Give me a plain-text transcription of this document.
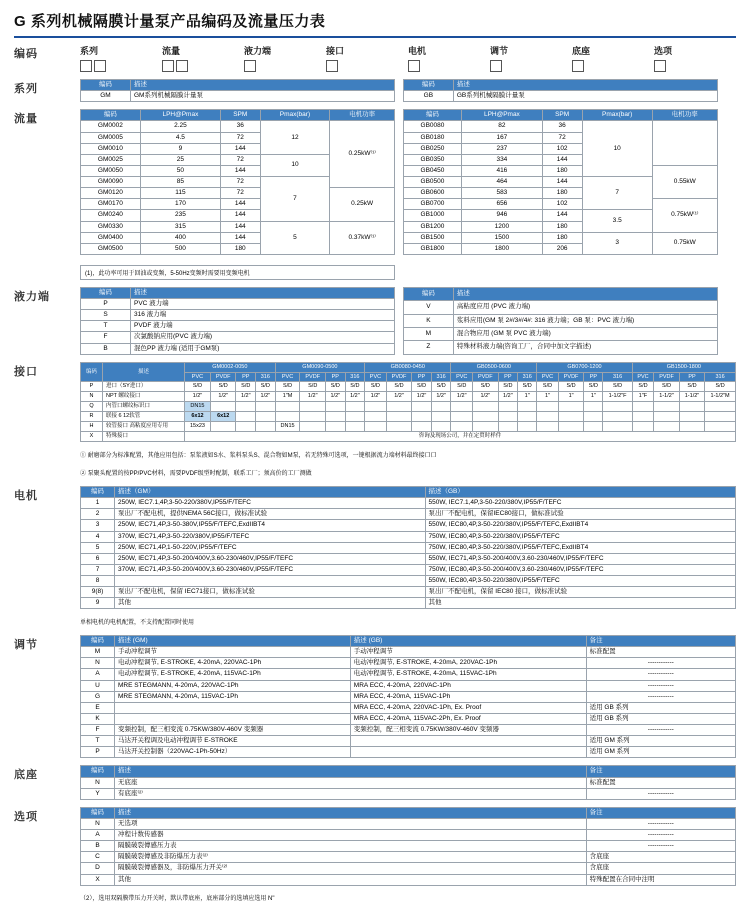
G 系列机械隔膜计量泵产品编码及流量压力表
编码	系列	流量	液力端	接口	电机	调节	底座	选项
系列	编码	描述
GM	GM系列机械隔膜计量泵
编码	描述
GB	GB系列机械隔膜计量泵
流量	编码	LPH@Pmax	SPM	Pmax(bar)	电机功率
GM0002	2.25	36	12	0.25kW⁽¹⁾
GM0005	4.5	72		
GM0010	9	144		
GM0025	25	72	10	
GM0050	50	144		
GM0090	85	72	7	
GM0120	115	72		0.25kW
GM0170	170	144		
GM0240	235	144		
GM0330	315	144	5	0.37kW⁽¹⁾
GM0400	400	144		
GM0500	500	180		
编码	LPH@Pmax	SPM	Pmax(bar)	电机功率
GB0080	82	36	10	
GB0180	167	72		
GB0250	237	102		
GB0350	334	144		
GB0450	416	180		0.55kW
GB0500	464	144	7	
GB0600	583	180		
GB0700	656	102		0.75kW⁽¹⁾
GB1000	946	144	3.5	
GB1200	1200	180		
GB1500	1500	180	3	0.75kW
GB1800	1800	206		
(1)，此功率可用于回油或变频，5-50Hz变频时需要用变频电机
液力端	编码	描述
P	PVC 液力端
S	316 液力端
T	PVDF 液力端
F	次氯酸钠应用(PVC 液力端)
B	混色PP 液力端 (适用于GM泵)
编码	描述
V	高粘度应用 (PVC 液力端)
K	浆料应用(GM 泵 2#/3#/4#: 316 液力端；GB 泵：PVC 液力端)
M	混合物应用 (GM 泵 PVC 液力端)
Z	特殊材料液力端(咨询工厂，合同中加文字描述)
接口	编码	描述	GM0002-0050				GM0090-0500				GB0080-0450				GB0500-0600				GB0700-1200				GB1500-1800			
		PVC	PVDF	PP	316	PVC	PVDF	PP	316	PVC	PVDF	PP	316	PVC	PVDF	PP	316	PVC	PVDF	PP	316	PVC	PVDF	PP	316
P	进口（SY进口）	S/D	S/D	S/D	S/D	S/D	S/D	S/D	S/D	S/D	S/D	S/D	S/D	S/D	S/D	S/D	S/D	S/D	S/D	S/D	S/D	S/D	S/D	S/D	S/D
N	NPT 螺纹接口	1/2"	1/2"	1/2"	1/2"	1"M	1/2"	1/2"	1/2"	1/2"	1/2"	1/2"	1/2"	1/2"	1/2"	1/2"	1"	1"	1"	1"	1-1/2"F	1"F	1-1/2"	1-1/2"	1-1/2"M
Q	内管口螺纹标识口	DN15																							
R	联接 6 12软管	6x12	6x12																						
H	较管接口 高粘度应用专用	15x23				DN15																			
X	特殊接口	咨询及现场公司，并在定贸时样件																							
① 耐磨部分为标准配置，其他应用包括：泵浆液如S水、浆料泵头S、混合物如M泵，若无特殊可选项，一键根据流力端材料最终接口口
② 泵聚头配置的按PP/PVC材料，需要PVDF级型时配制，联系工厂；须高价的工厂测做
电机	编码	描述（GM）	描述（GB）
1	250W, IEC7.1,4P,3-50-220/380V,IP55/F/TEFC	550W, IEC7.1,4P,3-50-220/380V,IP55/F/TEFC
2	泵出厂不配电机，提供NEMA 56C接口，做标准试验	泵出厂不配电机，保留IEC80接口，做标准试验
3	250W, IEC71,4P,3-50-380V,IP55/F/TEFC,ExdIIBT4	550W, IEC80,4P,3-50-220/380V,IP55/F/TEFC,ExdIIBT4
4	370W, IEC71,4P,3-50-220/380V,IP55/F/TEFC	750W, IEC80,4P,3-50-220/380V,IP55/F/TEFC
5	250W, IEC71,4P,1-50-220V,IP55/F/TEFC	750W, IEC80,4P,3-50-220/380V,IP55/F/TEFC,ExdIIBT4
6	250W, IEC71,4P,3-50-200/400V,3.60-230/460V,IP55/F/TEFC	550W, IEC71,4P,3-50-200/400V,3.60-230/460V,IP55/F/TEFC
7	370W, IEC71,4P,3-50-200/400V,3.60-230/460V,IP55/F/TEFC	750W, IEC80,4P,3-50-200/400V,3.60-230/460V,IP55/F/TEFC
8		550W, IEC80,4P,3-50-220/380V,IP55/F/TEFC
9(8)	泵出厂不配电机，保留 IEC71接口，做标准试验	泵出厂不配电机，保留 IEC80 接口，做标准试验
9	其他	其他
单相电机的电机配置，不支持配置同时使用
调节	编码	描述 (GM)	描述 (GB)	备注
M	手动冲程调节	手动冲程调节	标准配置
N	电动冲程调节, E-STROKE, 4-20mA, 220VAC-1Ph	电动冲程调节, E-STROKE, 4-20mA, 220VAC-1Ph	------------
A	电动冲程调节, E-STROKE, 4-20mA, 115VAC-1Ph	电动冲程调节, E-STROKE, 4-20mA, 115VAC-1Ph	------------
U	MRE STEGMANN, 4-20mA, 220VAC-1Ph	MRA ECC, 4-20mA, 220VAC-1Ph	------------
G	MRE STEGMANN, 4-20mA, 115VAC-1Ph	MRA ECC, 4-20mA, 115VAC-1Ph	------------
E		MRA ECC, 4-20mA, 220VAC-1Ph, Ex. Proof	适用 GB 系列
K		MRA ECC, 4-20mA, 115VAC-2Ph, Ex. Proof	适用 GB 系列
F	变频控制，配三相变流 0.75KW/380V-460V 变频器	变频控制，配三相变流 0.75KW/380V-460V 变频器	------------
T	马达开关程调及电动冲程调节 E-STROKE		适用 GM 系列
P	马达开关控制器（220VAC-1Ph-50Hz）		适用 GM 系列
底座	编码	描述	备注
N	无底座	标准配置
Y	有底座⁽²⁾	------------
选项	编码	描述	备注
N	无选项	------------
A	冲程计数传感器	------------
B	隔膜破裂傳感压力表	------------
C	隔膜破裂傳感及非防爆压力表⁽²⁾	含底座
D	隔膜破裂傳感器及，非防爆压力开关⁽²⁾	含底座
X	其他	特殊配置在合同中注明
（2），选用双隔膜带压力开关时，默认带底座，底座部分的选填应选用 N"
